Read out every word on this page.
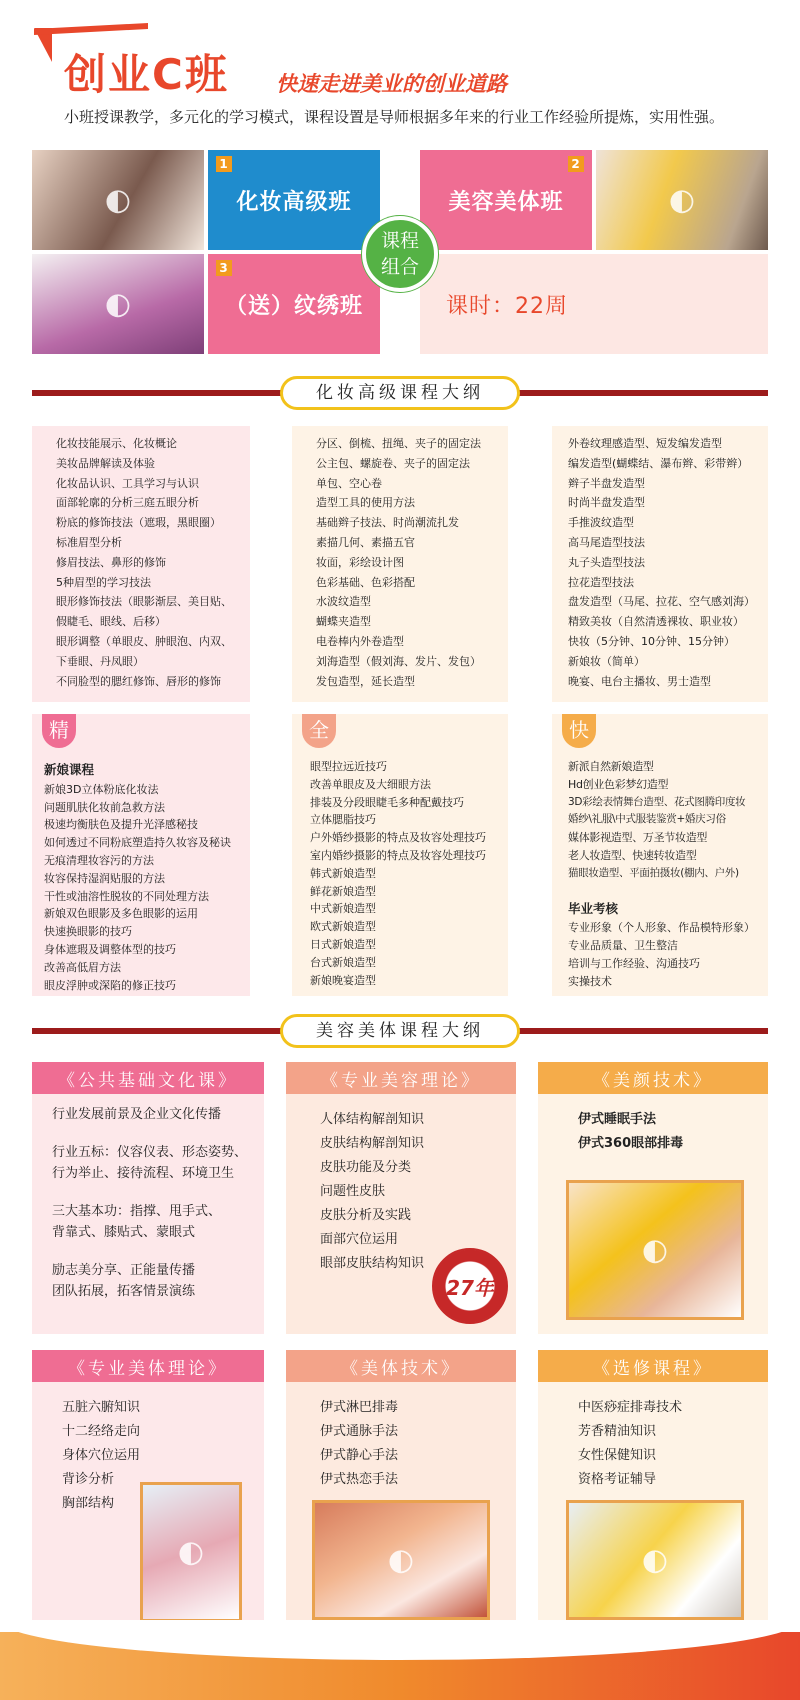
创业C班 快速走进美业的创业道路
小班授课教学，多元化的学习模式，课程设置是导师根据多年来的行业工作经验所提炼，实用性强。
◐
◐
◐
1
化妆高级班
2
美容美体班
3
（送）纹绣班	课时：22周
课程
组合
化妆高级课程大纲
化妆技能展示、化妆概论
美妆品牌解读及体验
化妆品认识、工具学习与认识
面部轮廓的分析三庭五眼分析
粉底的修饰技法（遮瑕，黑眼圈）
标准眉型分析
修眉技法、鼻形的修饰
5种眉型的学习技法
眼形修饰技法（眼影渐层、美目贴、
假睫毛、眼线、后移）
眼形调整（单眼皮、肿眼泡、内双、
下垂眼、丹凤眼）
不同脸型的腮红修饰、唇形的修饰
分区、倒梳、扭绳、夹子的固定法
公主包、螺旋卷、夹子的固定法
单包、空心卷
造型工具的使用方法
基础辫子技法、时尚潮流扎发
素描几何、素描五官
妆面，彩绘设计图
色彩基础、色彩搭配
水波纹造型
蝴蝶夹造型
电卷棒内外卷造型
刘海造型（假刘海、发片、发包）
发包造型，延长造型
外卷纹理感造型、短发编发造型
编发造型(蝴蝶结、瀑布辫、彩带辫）
辫子半盘发造型
时尚半盘发造型
手推波纹造型
高马尾造型技法
丸子头造型技法
拉花造型技法
盘发造型（马尾、拉花、空气感刘海）
精致美妆（自然清透裸妆、职业妆）
快妆（5分钟、10分钟、15分钟）
新娘妆（简单）
晚宴、电台主播妆、男士造型
精
新娘课程
新娘3D立体粉底化妆法
问题肌肤化妆前急救方法
极速均衡肤色及提升光泽感秘技
如何透过不同粉底塑造持久妆容及秘诀
无痕清理妆容污的方法
妆容保持湿润贴服的方法
干性或油溶性脱妆的不同处理方法
新娘双色眼影及多色眼影的运用
快速换眼影的技巧
身体遮瑕及调整体型的技巧
改善高低眉方法
眼皮浮肿或深陷的修正技巧
全
眼型拉远近技巧
改善单眼皮及大细眼方法
排装及分段眼睫毛多种配戴技巧
立体腮脂技巧
户外婚纱摄影的特点及妆容处理技巧
室内婚纱摄影的特点及妆容处理技巧
韩式新娘造型
鲜花新娘造型
中式新娘造型
欧式新娘造型
日式新娘造型
台式新娘造型
新娘晚宴造型
快
新派自然新娘造型
Hd创业色彩梦幻造型
3D彩绘表情舞台造型、花式图腾印度妆
婚纱\礼服\中式服装鉴赏+婚庆习俗
媒体影视造型、万圣节妆造型
老人妆造型、快速转妆造型
猫眼妆造型、平面拍摄妆(棚内、户外)
毕业考核
专业形象（个人形象、作品模特形象）
专业品质量、卫生整洁
培训与工作经验、沟通技巧
实操技术
美容美体课程大纲
《公共基础文化课》
行业发展前景及企业文化传播
行业五标：仪容仪表、形态姿势、
行为举止、接待流程、环境卫生
三大基本功：指撑、甩手式、
背靠式、膝贴式、蒙眼式
励志美分享、正能量传播
团队拓展，拓客情景演练
《专业美容理论》
人体结构解剖知识
皮肤结构解剖知识
皮肤功能及分类
问题性皮肤
皮肤分析及实践
面部穴位运用
眼部皮肤结构知识
27年
《美颜技术》
伊式睡眠手法
伊式360眼部排毒
◐
《专业美体理论》
五脏六腑知识
十二经络走向
身体穴位运用
背诊分析
胸部结构
◐
《美体技术》
伊式淋巴排毒
伊式通脉手法
伊式静心手法
伊式热恋手法
◐
《选修课程》
中医痧症排毒技术
芳香精油知识
女性保健知识
资格考证辅导
◐
